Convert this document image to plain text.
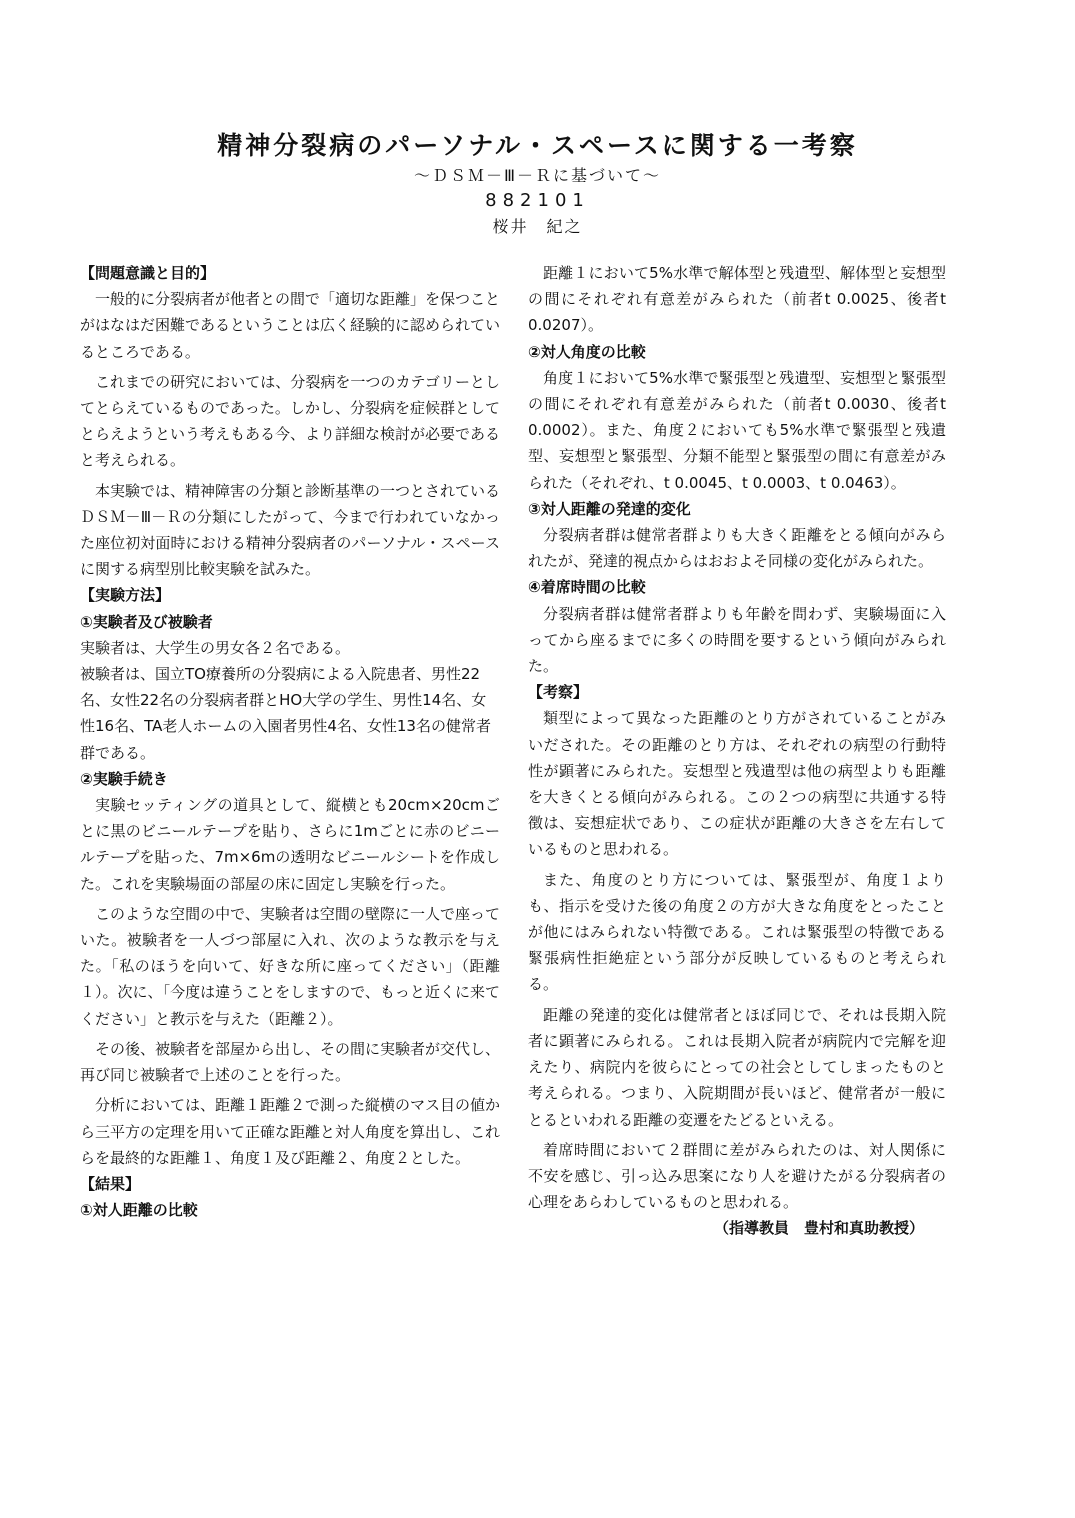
精神分裂病のパーソナル・スペースに関する一考察
～ＤＳＭ－Ⅲ－Ｒに基づいて～
882101
桜井　紀之

【問題意識と目的】

一般的に分裂病者が他者との間で「適切な距離」を保つことがはなはだ困難であるということは広く経験的に認められているところである。

これまでの研究においては、分裂病を一つのカテゴリーとしてとらえているものであった。しかし、分裂病を症候群としてとらえようという考えもある今、より詳細な検討が必要であると考えられる。

本実験では、精神障害の分類と診断基準の一つとされているＤＳＭ－Ⅲ－Ｒの分類にしたがって、今まで行われていなかった座位初対面時における精神分裂病者のパーソナル・スペースに関する病型別比較実験を試みた。

【実験方法】

①実験者及び被験者

実験者は、大学生の男女各２名である。

被験者は、国立TO療養所の分裂病による入院患者、男性22名、女性22名の分裂病者群とHO大学の学生、男性14名、女性16名、TA老人ホームの入園者男性4名、女性13名の健常者群である。

②実験手続き

実験セッティングの道具として、縦横とも20cm×20cmごとに黒のビニールテープを貼り、さらに1mごとに赤のビニールテープを貼った、7m×6mの透明なビニールシートを作成した。これを実験場面の部屋の床に固定し実験を行った。

このような空間の中で、実験者は空間の壁際に一人で座っていた。被験者を一人づつ部屋に入れ、次のような教示を与えた。「私のほうを向いて、好きな所に座ってください」（距離１）。次に、「今度は違うことをしますので、もっと近くに来てください」と教示を与えた（距離２）。

その後、被験者を部屋から出し、その間に実験者が交代し、再び同じ被験者で上述のことを行った。

分析においては、距離１距離２で測った縦横のマス目の値から三平方の定理を用いて正確な距離と対人角度を算出し、これらを最終的な距離１、角度１及び距離２、角度２とした。

【結果】

①対人距離の比較

距離１において5%水準で解体型と残遺型、解体型と妄想型の間にそれぞれ有意差がみられた（前者t 0.0025、後者t 0.0207）。

②対人角度の比較

角度１において5%水準で緊張型と残遺型、妄想型と緊張型の間にそれぞれ有意差がみられた（前者t 0.0030、後者t 0.0002）。また、角度２においても5%水準で緊張型と残遺型、妄想型と緊張型、分類不能型と緊張型の間に有意差がみられた（それぞれ、t 0.0045、t 0.0003、t 0.0463）。

③対人距離の発達的変化

分裂病者群は健常者群よりも大きく距離をとる傾向がみられたが、発達的視点からはおおよそ同様の変化がみられた。

④着席時間の比較

分裂病者群は健常者群よりも年齢を問わず、実験場面に入ってから座るまでに多くの時間を要するという傾向がみられた。

【考察】

類型によって異なった距離のとり方がされていることがみいだされた。その距離のとり方は、それぞれの病型の行動特性が顕著にみられた。妄想型と残遺型は他の病型よりも距離を大きくとる傾向がみられる。この２つの病型に共通する特徴は、妄想症状であり、この症状が距離の大きさを左右しているものと思われる。

また、角度のとり方については、緊張型が、角度１よりも、指示を受けた後の角度２の方が大きな角度をとったことが他にはみられない特徴である。これは緊張型の特徴である緊張病性拒絶症という部分が反映しているものと考えられる。

距離の発達的変化は健常者とほぼ同じで、それは長期入院者に顕著にみられる。これは長期入院者が病院内で完解を迎えたり、病院内を彼らにとっての社会としてしまったものと考えられる。つまり、入院期間が長いほど、健常者が一般にとるといわれる距離の変遷をたどるといえる。

着席時間において２群間に差がみられたのは、対人関係に不安を感じ、引っ込み思案になり人を避けたがる分裂病者の心理をあらわしているものと思われる。

（指導教員　豊村和真助教授）
